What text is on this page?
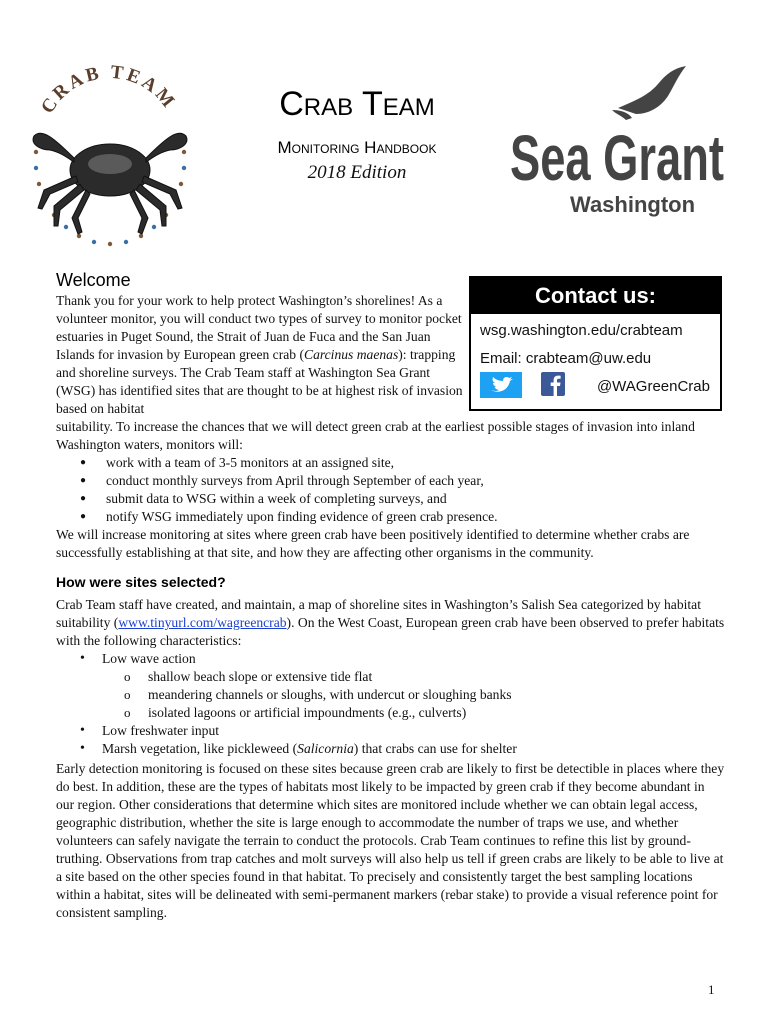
CRAB TEAM	Crab Team
Monitoring Handbook
2018 Edition	Sea Grant
Washington
Welcome
Thank you for your work to help protect Washington’s shorelines! As a volunteer monitor, you will conduct two types of survey to monitor pocket estuaries in Puget Sound, the Strait of Juan de Fuca and the San Juan Islands for invasion by European green crab (Carcinus maenas): trapping and shoreline surveys. The Crab Team staff at Washington Sea Grant (WSG) has identified sites that are thought to be at highest risk of invasion based on habitat
Contact us:
wsg.washington.edu/crabteam
Email: crabteam@uw.edu
@WAGreenCrab
suitability. To increase the chances that we will detect green crab at the earliest possible stages of invasion into inland Washington waters, monitors will:
● work with a team of 3-5 monitors at an assigned site,
● conduct monthly surveys from April through September of each year,
● submit data to WSG within a week of completing surveys, and
● notify WSG immediately upon finding evidence of green crab presence.
We will increase monitoring at sites where green crab have been positively identified to determine whether crabs are successfully establishing at that site, and how they are affecting other organisms in the community.
How were sites selected?
Crab Team staff have created, and maintain, a map of shoreline sites in Washington’s Salish Sea categorized by habitat suitability (www.tinyurl.com/wagreencrab). On the West Coast, European green crab have been observed to prefer habitats with the following characteristics:
• Low wave action
o shallow beach slope or extensive tide flat
o meandering channels or sloughs, with undercut or sloughing banks
o isolated lagoons or artificial impoundments (e.g., culverts)
• Low freshwater input
• Marsh vegetation, like pickleweed (Salicornia) that crabs can use for shelter
Early detection monitoring is focused on these sites because green crab are likely to first be detectible in places where they do best. In addition, these are the types of habitats most likely to be impacted by green crab if they become abundant in our region. Other considerations that determine which sites are monitored include whether we can obtain legal access, geographic distribution, whether the site is large enough to accommodate the number of traps we use, and whether volunteers can safely navigate the terrain to conduct the protocols. Crab Team continues to refine this list by ground-truthing. Observations from trap catches and molt surveys will also help us tell if green crabs are likely to be able to live at a site based on the other species found in that habitat. To precisely and consistently target the best sampling locations within a habitat, sites will be delineated with semi-permanent markers (rebar stake) to provide a visual reference point for consistent sampling.
1
